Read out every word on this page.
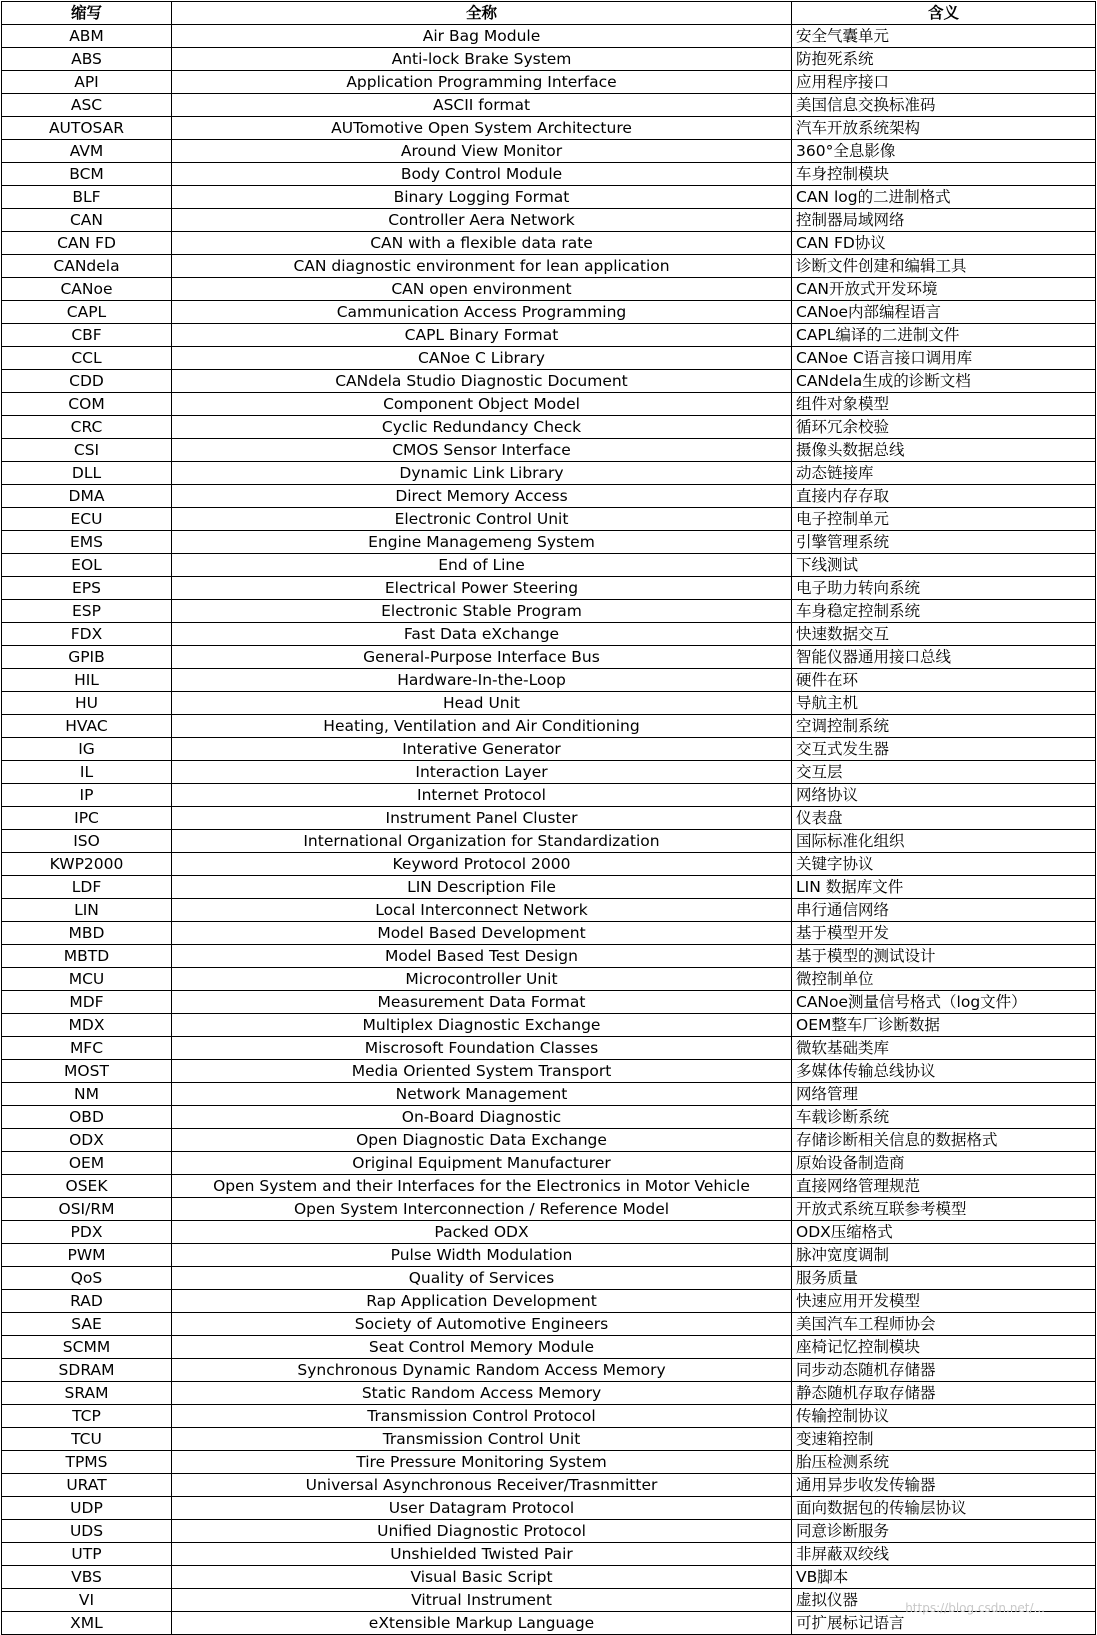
缩写	全称	含义
ABM	Air Bag Module	安全气囊单元
ABS	Anti-lock Brake System	防抱死系统
API	Application Programming Interface	应用程序接口
ASC	ASCII format	美国信息交换标准码
AUTOSAR	AUTomotive Open System Architecture	汽车开放系统架构
AVM	Around View Monitor	360°全息影像
BCM	Body Control Module	车身控制模块
BLF	Binary Logging Format	CAN log的二进制格式
CAN	Controller Aera Network	控制器局域网络
CAN FD	CAN with a flexible data rate	CAN FD协议
CANdela	CAN diagnostic environment for lean application	诊断文件创建和编辑工具
CANoe	CAN open environment	CAN开放式开发环境
CAPL	Cammunication Access Programming	CANoe内部编程语言
CBF	CAPL Binary Format	CAPL编译的二进制文件
CCL	CANoe C Library	CANoe C语言接口调用库
CDD	CANdela Studio Diagnostic Document	CANdela生成的诊断文档
COM	Component Object Model	组件对象模型
CRC	Cyclic Redundancy Check	循环冗余校验
CSI	CMOS Sensor Interface	摄像头数据总线
DLL	Dynamic Link Library	动态链接库
DMA	Direct Memory Access	直接内存存取
ECU	Electronic Control Unit	电子控制单元
EMS	Engine Managemeng System	引擎管理系统
EOL	End of Line	下线测试
EPS	Electrical Power Steering	电子助力转向系统
ESP	Electronic Stable Program	车身稳定控制系统
FDX	Fast Data eXchange	快速数据交互
GPIB	General-Purpose Interface Bus	智能仪器通用接口总线
HIL	Hardware-In-the-Loop	硬件在环
HU	Head Unit	导航主机
HVAC	Heating, Ventilation and Air Conditioning	空调控制系统
IG	Interative Generator	交互式发生器
IL	Interaction Layer	交互层
IP	Internet Protocol	网络协议
IPC	Instrument Panel Cluster	仪表盘
ISO	International Organization for Standardization	国际标准化组织
KWP2000	Keyword Protocol 2000	关键字协议
LDF	LIN Description File	LIN 数据库文件
LIN	Local Interconnect Network	串行通信网络
MBD	Model Based Development	基于模型开发
MBTD	Model Based Test Design	基于模型的测试设计
MCU	Microcontroller Unit	微控制单位
MDF	Measurement Data Format	CANoe测量信号格式（log文件）
MDX	Multiplex Diagnostic Exchange	OEM整车厂诊断数据
MFC	Miscrosoft Foundation Classes	微软基础类库
MOST	Media Oriented System Transport	多媒体传输总线协议
NM	Network Management	网络管理
OBD	On-Board Diagnostic	车载诊断系统
ODX	Open Diagnostic Data Exchange	存储诊断相关信息的数据格式
OEM	Original Equipment Manufacturer	原始设备制造商
OSEK	Open System and their Interfaces for the Electronics in Motor Vehicle	直接网络管理规范
OSI/RM	Open System Interconnection / Reference Model	开放式系统互联参考模型
PDX	Packed ODX	ODX压缩格式
PWM	Pulse Width Modulation	脉冲宽度调制
QoS	Quality of Services	服务质量
RAD	Rap Application Development	快速应用开发模型
SAE	Society of Automotive Engineers	美国汽车工程师协会
SCMM	Seat Control Memory Module	座椅记忆控制模块
SDRAM	Synchronous Dynamic Random Access Memory	同步动态随机存储器
SRAM	Static Random Access Memory	静态随机存取存储器
TCP	Transmission Control Protocol	传输控制协议
TCU	Transmission Control Unit	变速箱控制
TPMS	Tire Pressure Monitoring System	胎压检测系统
URAT	Universal Asynchronous Receiver/Trasnmitter	通用异步收发传输器
UDP	User Datagram Protocol	面向数据包的传输层协议
UDS	Unified Diagnostic Protocol	同意诊断服务
UTP	Unshielded Twisted Pair	非屏蔽双绞线
VBS	Visual Basic Script	VB脚本
VI	Vitrual Instrument	虚拟仪器
XML	eXtensible Markup Language	可扩展标记语言
https://blog.csdn.net/...
